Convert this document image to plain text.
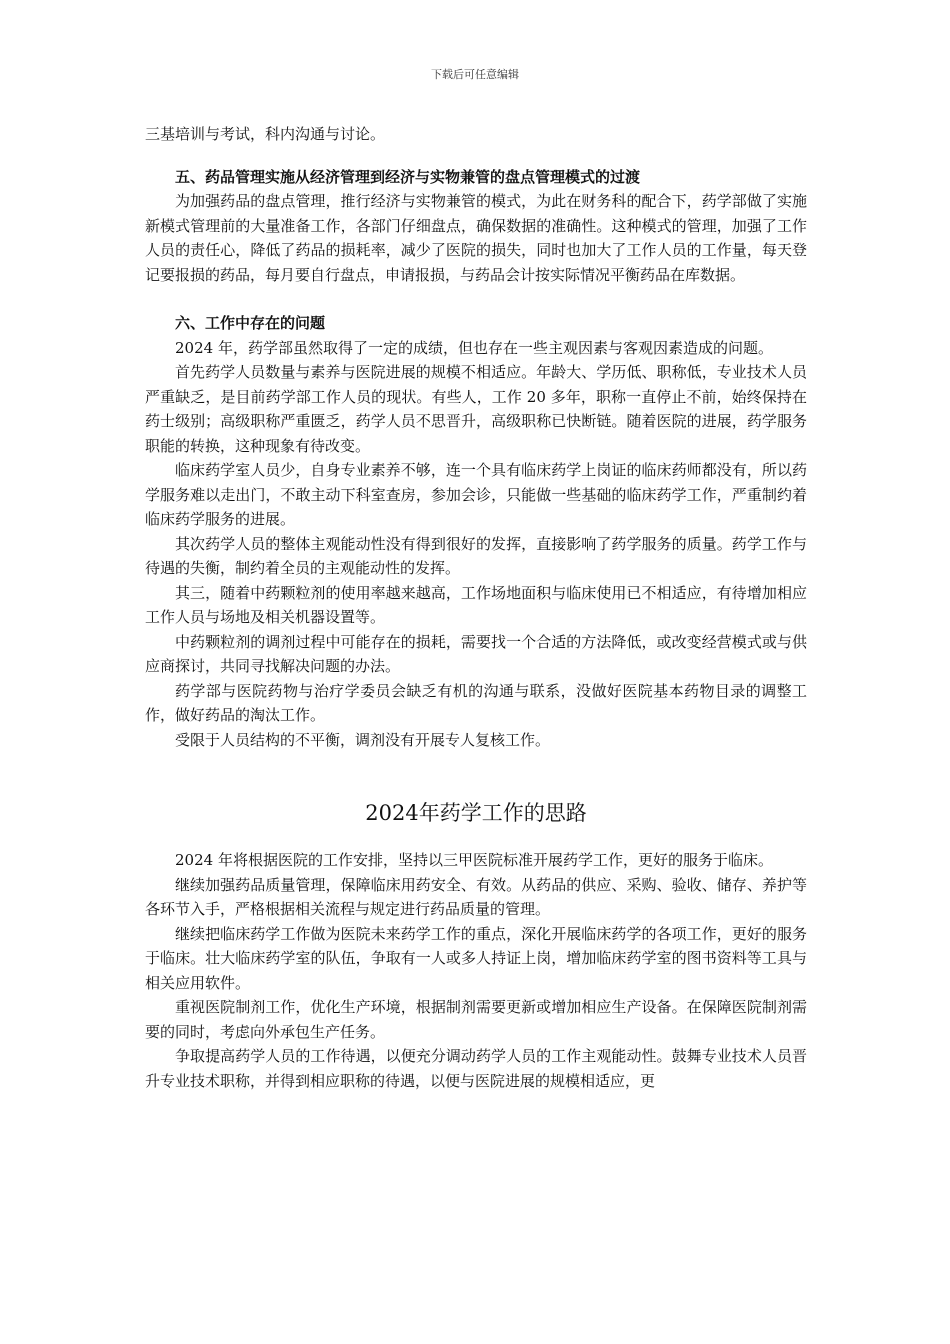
下载后可任意编辑

三基培训与考试，科内沟通与讨论。

五、药品管理实施从经济管理到经济与实物兼管的盘点管理模式的过渡

为加强药品的盘点管理，推行经济与实物兼管的模式，为此在财务科的配合下，药学部做了实施新模式管理前的大量准备工作，各部门仔细盘点，确保数据的准确性。这种模式的管理，加强了工作人员的责任心，降低了药品的损耗率，减少了医院的损失，同时也加大了工作人员的工作量，每天登记要报损的药品，每月要自行盘点，申请报损，与药品会计按实际情况平衡药品在库数据。

六、工作中存在的问题

2024 年，药学部虽然取得了一定的成绩，但也存在一些主观因素与客观因素造成的问题。

首先药学人员数量与素养与医院进展的规模不相适应。年龄大、学历低、职称低，专业技术人员严重缺乏，是目前药学部工作人员的现状。有些人，工作 20 多年，职称一直停止不前，始终保持在药士级别；高级职称严重匮乏，药学人员不思晋升，高级职称已快断链。随着医院的进展，药学服务职能的转换，这种现象有待改变。

临床药学室人员少，自身专业素养不够，连一个具有临床药学上岗证的临床药师都没有，所以药学服务难以走出门，不敢主动下科室查房，参加会诊，只能做一些基础的临床药学工作，严重制约着临床药学服务的进展。

其次药学人员的整体主观能动性没有得到很好的发挥，直接影响了药学服务的质量。药学工作与待遇的失衡，制约着全员的主观能动性的发挥。

其三，随着中药颗粒剂的使用率越来越高，工作场地面积与临床使用已不相适应，有待增加相应工作人员与场地及相关机器设置等。

中药颗粒剂的调剂过程中可能存在的损耗，需要找一个合适的方法降低，或改变经营模式或与供应商探讨，共同寻找解决问题的办法。

药学部与医院药物与治疗学委员会缺乏有机的沟通与联系，没做好医院基本药物目录的调整工作，做好药品的淘汰工作。

受限于人员结构的不平衡，调剂没有开展专人复核工作。

2024年药学工作的思路

2024 年将根据医院的工作安排，坚持以三甲医院标准开展药学工作，更好的服务于临床。

继续加强药品质量管理，保障临床用药安全、有效。从药品的供应、采购、验收、储存、养护等各环节入手，严格根据相关流程与规定进行药品质量的管理。

继续把临床药学工作做为医院未来药学工作的重点，深化开展临床药学的各项工作，更好的服务于临床。壮大临床药学室的队伍，争取有一人或多人持证上岗，增加临床药学室的图书资料等工具与相关应用软件。

重视医院制剂工作，优化生产环境，根据制剂需要更新或增加相应生产设备。在保障医院制剂需要的同时，考虑向外承包生产任务。

争取提高药学人员的工作待遇，以便充分调动药学人员的工作主观能动性。鼓舞专业技术人员晋升专业技术职称，并得到相应职称的待遇，以便与医院进展的规模相适应，更
